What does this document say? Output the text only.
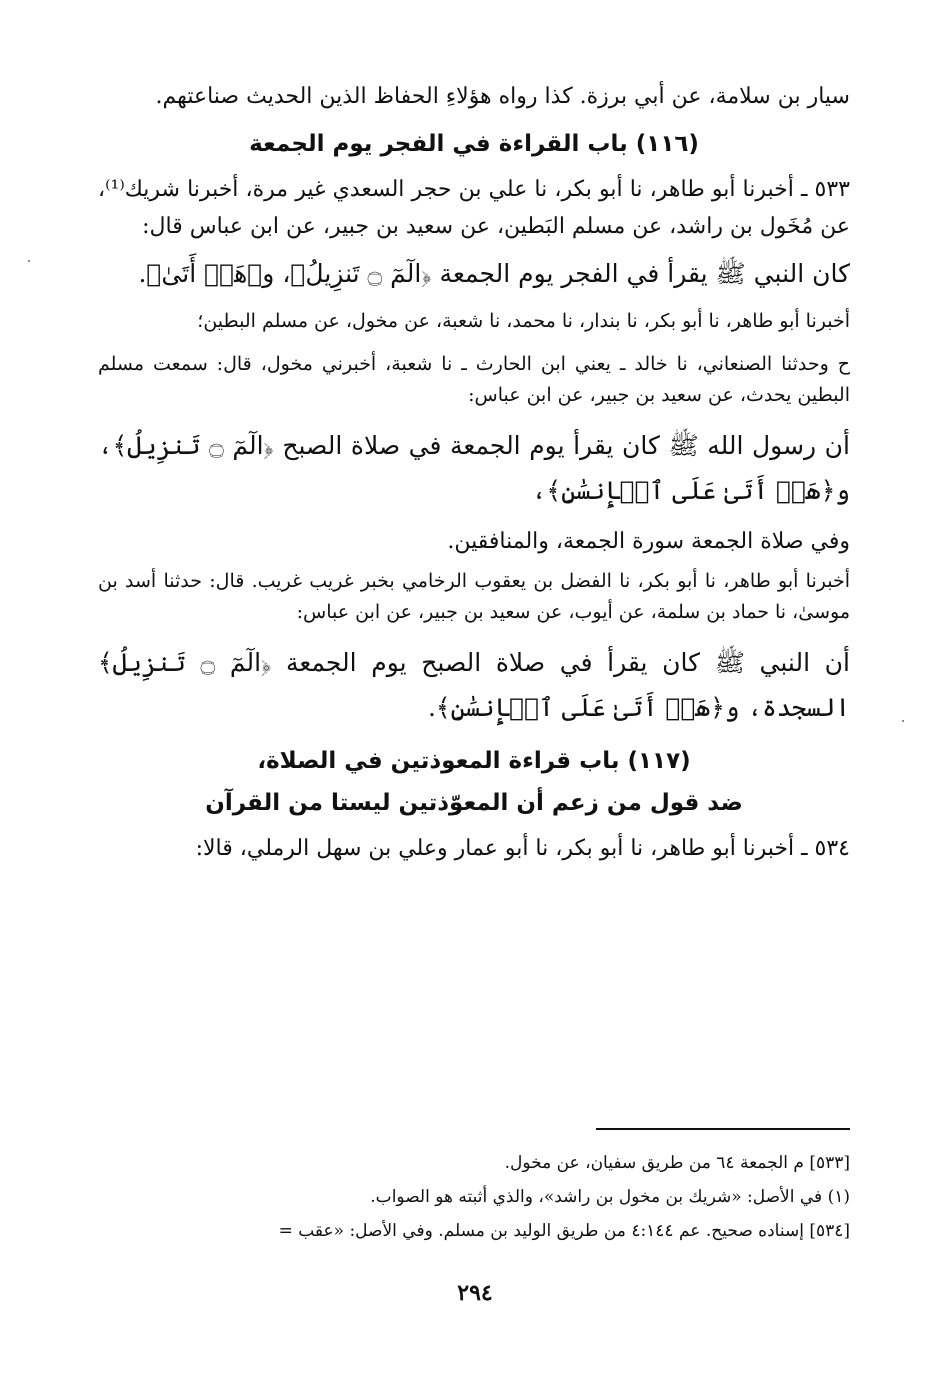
سيار بن سلامة، عن أبي برزة. كذا رواه هؤلاءِ الحفاظ الذين الحديث صناعتهم.

(١١٦) باب القراءة في الفجر يوم الجمعة

٥٣٣ ـ أخبرنا أبو طاهر، نا أبو بكر، نا علي بن حجر السعدي غير مرة، أخبرنا شريك⁽¹⁾، عن مُخَول بن راشد، عن مسلم البَطين، عن سعيد بن جبير، عن ابن عباس قال:

كان النبي ﷺ يقرأ في الفجر يوم الجمعة ﴿الٓمٓ ۝ تَنزِيلُ﴾، و﴿هَلۡ أَتَىٰ﴾.

أخبرنا أبو طاهر، نا أبو بكر، نا بندار، نا محمد، نا شعبة، عن مخول، عن مسلم البطين؛

ح وحدثنا الصنعاني، نا خالد ـ يعني ابن الحارث ـ نا شعبة، أخبرني مخول، قال: سمعت مسلم البطين يحدث، عن سعيد بن جبير، عن ابن عباس:

أن رسول الله ﷺ كان يقرأ يوم الجمعة في صلاة الصبح ﴿الٓمٓ ۝ تَنزِيلُ﴾، و﴿هَلۡ أَتَىٰ عَلَى ٱلۡإِنسَٰنِ﴾،

وفي صلاة الجمعة سورة الجمعة، والمنافقين.

أخبرنا أبو طاهر، نا أبو بكر، نا الفضل بن يعقوب الرخامي بخبر غريب غريب. قال: حدثنا أسد بن موسىٰ، نا حماد بن سلمة، عن أيوب، عن سعيد بن جبير، عن ابن عباس:

أن النبي ﷺ كان يقرأ في صلاة الصبح يوم الجمعة ﴿الٓمٓ ۝ تَنزِيلُ﴾ السجدة، و﴿هَلۡ أَتَىٰ عَلَى ٱلۡإِنسَٰنِ﴾.

(١١٧) باب قراءة المعوذتين في الصلاة،
ضد قول من زعم أن المعوّذتين ليستا من القرآن

٥٣٤ ـ أخبرنا أبو طاهر، نا أبو بكر، نا أبو عمار وعلي بن سهل الرملي، قالا:

[٥٣٣] م الجمعة ٦٤ من طريق سفيان، عن مخول.

(١) في الأصل: «شريك بن مخول بن راشد»، والذي أثبته هو الصواب.

[٥٣٤] إسناده صحيح. عم ٤:١٤٤ من طريق الوليد بن مسلم. وفي الأصل: «عقب =

٢٩٤
